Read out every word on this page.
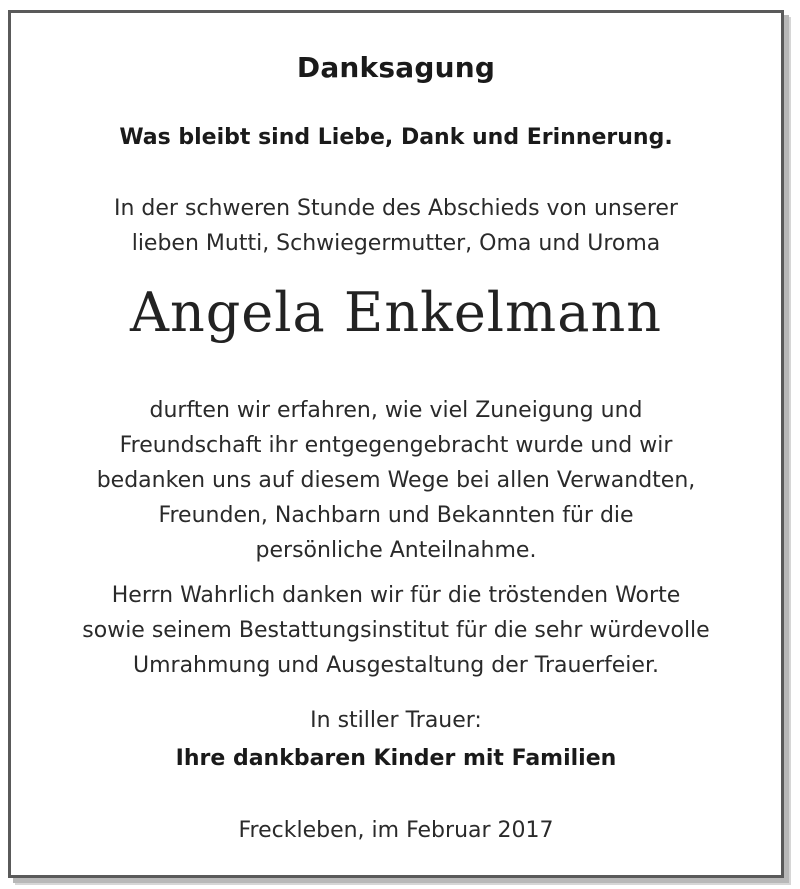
Danksagung
Was bleibt sind Liebe, Dank und Erinnerung.
In der schweren Stunde des Abschieds von unserer
lieben Mutti, Schwiegermutter, Oma und Uroma
Angela Enkelmann
durften wir erfahren, wie viel Zuneigung und
Freundschaft ihr entgegengebracht wurde und wir
bedanken uns auf diesem Wege bei allen Verwandten,
Freunden, Nachbarn und Bekannten für die
persönliche Anteilnahme.
Herrn Wahrlich danken wir für die tröstenden Worte
sowie seinem Bestattungsinstitut für die sehr würdevolle
Umrahmung und Ausgestaltung der Trauerfeier.
In stiller Trauer:
Ihre dankbaren Kinder mit Familien
Freckleben, im Februar 2017
